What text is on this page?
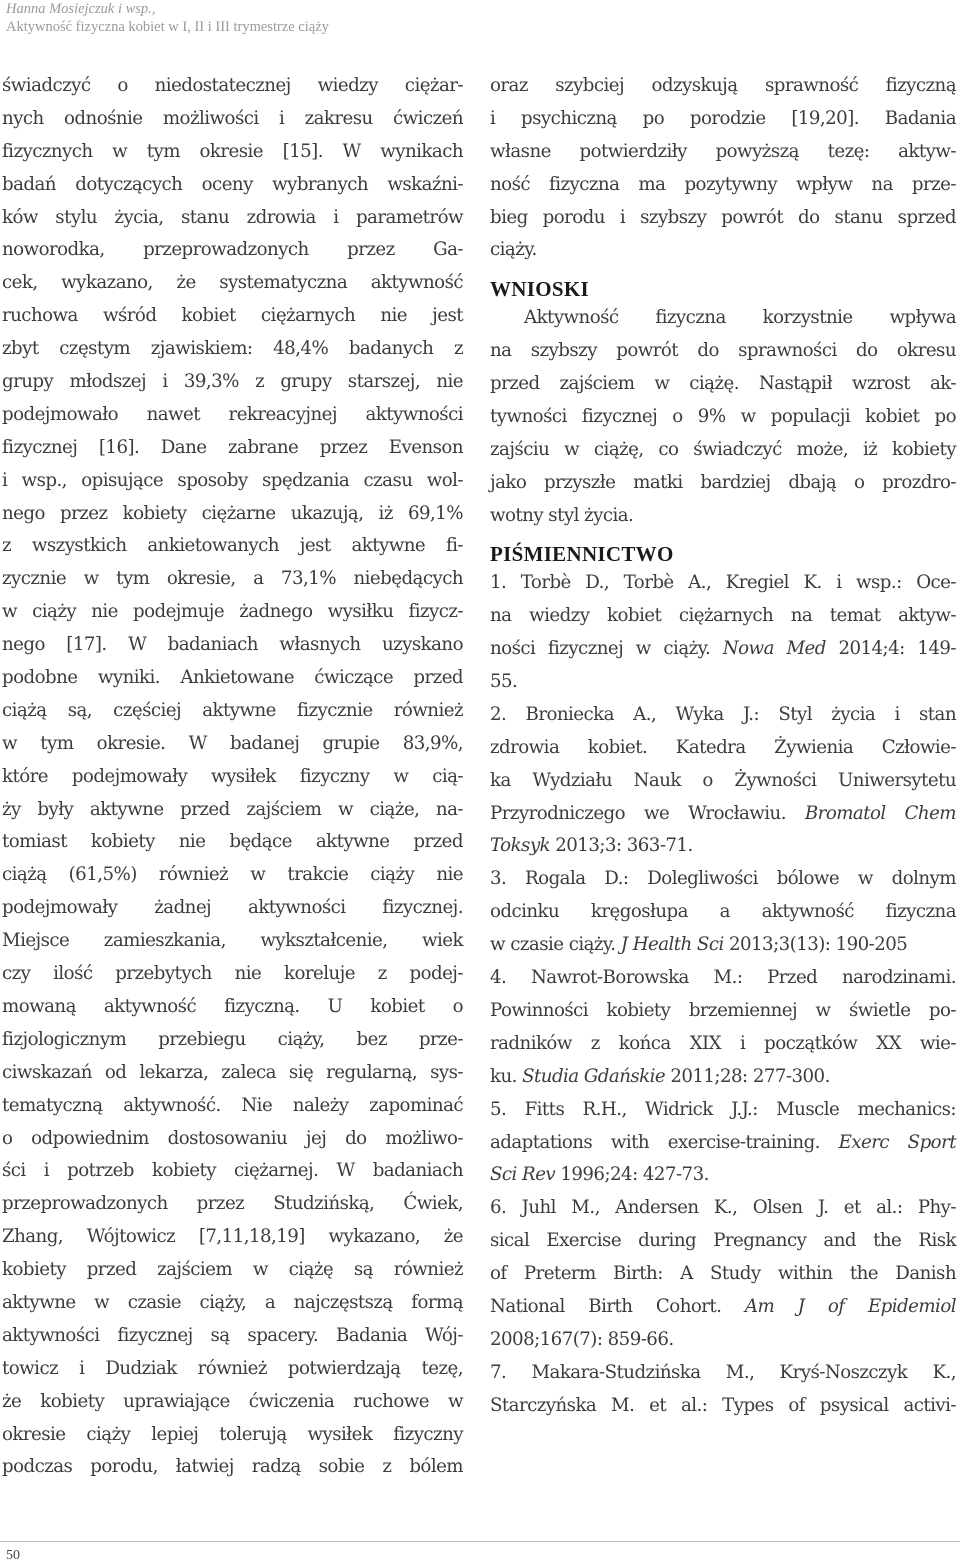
Hanna Mosiejczuk i wsp.,
Aktywność fizyczna kobiet w I, II i III trymestrze ciąży
świadczyć o niedostatecznej wiedzy ciężar-
nych odnośnie możliwości i zakresu ćwiczeń
fizycznych w tym okresie [15]. W wynikach
badań dotyczących oceny wybranych wskaźni-
ków stylu życia, stanu zdrowia i parametrów
noworodka, przeprowadzonych przez Ga-
cek, wykazano, że systematyczna aktywność
ruchowa wśród kobiet ciężarnych nie jest
zbyt częstym zjawiskiem: 48,4% badanych z
grupy młodszej i 39,3% z grupy starszej, nie
podejmowało nawet rekreacyjnej aktywności
fizycznej [16]. Dane zabrane przez Evenson
i wsp., opisujące sposoby spędzania czasu wol-
nego przez kobiety ciężarne ukazują, iż 69,1%
z wszystkich ankietowanych jest aktywne fi-
zycznie w tym okresie, a 73,1% niebędących
w ciąży nie podejmuje żadnego wysiłku fizycz-
nego [17]. W badaniach własnych uzyskano
podobne wyniki. Ankietowane ćwiczące przed
ciążą są, częściej aktywne fizycznie również
w tym okresie. W badanej grupie 83,9%,
które podejmowały wysiłek fizyczny w cią-
ży były aktywne przed zajściem w ciąże, na-
tomiast kobiety nie będące aktywne przed
ciążą (61,5%) również w trakcie ciąży nie
podejmowały żadnej aktywności fizycznej.
Miejsce zamieszkania, wykształcenie, wiek
czy ilość przebytych nie koreluje z podej-
mowaną aktywność fizyczną. U kobiet o
fizjologicznym przebiegu ciąży, bez prze-
ciwskazań od lekarza, zaleca się regularną, sys-
tematyczną aktywność. Nie należy zapominać
o odpowiednim dostosowaniu jej do możliwo-
ści i potrzeb kobiety ciężarnej. W badaniach
przeprowadzonych przez Studzińską, Ćwiek,
Zhang, Wójtowicz [7,11,18,19] wykazano, że
kobiety przed zajściem w ciążę są również
aktywne w czasie ciąży, a najczęstszą formą
aktywności fizycznej są spacery. Badania Wój-
towicz i Dudziak również potwierdzają tezę,
że kobiety uprawiające ćwiczenia ruchowe w
okresie ciąży lepiej tolerują wysiłek fizyczny
podczas porodu, łatwiej radzą sobie z bólem
oraz szybciej odzyskują sprawność fizyczną
i psychiczną po porodzie [19,20]. Badania
własne potwierdziły powyższą tezę: aktyw-
ność fizyczna ma pozytywny wpływ na prze-
bieg porodu i szybszy powrót do stanu sprzed
ciąży.
WNIOSKI
Aktywność fizyczna korzystnie wpływa
na szybszy powrót do sprawności do okresu
przed zajściem w ciążę. Nastąpił wzrost ak-
tywności fizycznej o 9% w populacji kobiet po
zajściu w ciążę, co świadczyć może, iż kobiety
jako przyszłe matki bardziej dbają o prozdro-
wotny styl życia.
PIŚMIENNICTWO
1. Torbè D., Torbè A., Kregiel K. i wsp.: Oce-
na wiedzy kobiet ciężarnych na temat aktyw-
ności fizycznej w ciąży. Nowa Med 2014;4: 149-
55.
2. Broniecka A., Wyka J.: Styl życia i stan
zdrowia kobiet. Katedra Żywienia Człowie-
ka Wydziału Nauk o Żywności Uniwersytetu
Przyrodniczego we Wrocławiu. Bromatol Chem
Toksyk 2013;3: 363-71.
3. Rogala D.: Dolegliwości bólowe w dolnym
odcinku kręgosłupa a aktywność fizyczna
w czasie ciąży. J Health Sci 2013;3(13): 190-205
4. Nawrot-Borowska M.: Przed narodzinami.
Powinności kobiety brzemiennej w świetle po-
radników z końca XIX i początków XX wie-
ku. Studia Gdańskie 2011;28: 277-300.
5. Fitts R.H., Widrick J.J.: Muscle mechanics:
adaptations with exercise-training. Exerc Sport
Sci Rev 1996;24: 427-73.
6. Juhl M., Andersen K., Olsen J. et al.: Phy-
sical Exercise during Pregnancy and the Risk
of Preterm Birth: A Study within the Danish
National Birth Cohort. Am J of Epidemiol
2008;167(7): 859-66.
7. Makara-Studzińska M., Kryś-Noszczyk K.,
Starczyńska M. et al.: Types of psysical activi-
50
